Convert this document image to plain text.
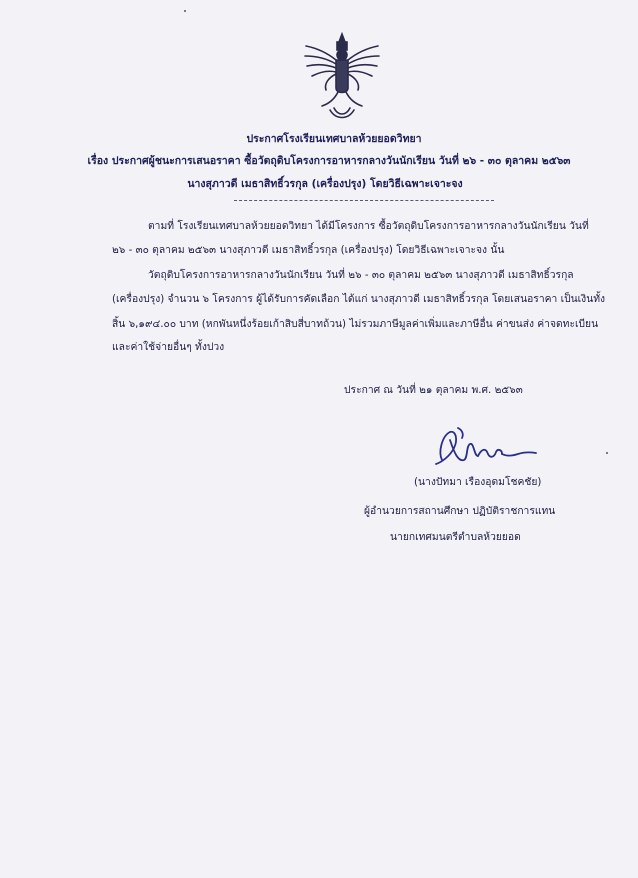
ประกาศโรงเรียนเทศบาลห้วยยอดวิทยา
เรื่อง ประกาศผู้ชนะการเสนอราคา ซื้อวัตถุดิบโครงการอาหารกลางวันนักเรียน วันที่ ๒๖ - ๓๐ ตุลาคม ๒๕๖๓
นางสุภาวดี เมธาสิทธิ์วรกุล (เครื่องปรุง) โดยวิธีเฉพาะเจาะจง
ตามที่ โรงเรียนเทศบาลห้วยยอดวิทยา ได้มีโครงการ ซื้อวัตถุดิบโครงการอาหารกลางวันนักเรียน วันที่
๒๖ - ๓๐ ตุลาคม ๒๕๖๓ นางสุภาวดี เมธาสิทธิ์วรกุล (เครื่องปรุง) โดยวิธีเฉพาะเจาะจง นั้น
วัตถุดิบโครงการอาหารกลางวันนักเรียน วันที่ ๒๖ - ๓๐ ตุลาคม ๒๕๖๓ นางสุภาวดี เมธาสิทธิ์วรกุล
(เครื่องปรุง) จำนวน ๖ โครงการ ผู้ได้รับการคัดเลือก ได้แก่ นางสุภาวดี เมธาสิทธิ์วรกุล โดยเสนอราคา เป็นเงินทั้ง
สิ้น ๖,๑๙๔.๐๐ บาท (หกพันหนึ่งร้อยเก้าสิบสี่บาทถ้วน) ไม่รวมภาษีมูลค่าเพิ่มและภาษีอื่น ค่าขนส่ง ค่าจดทะเบียน
และค่าใช้จ่ายอื่นๆ ทั้งปวง
ประกาศ ณ วันที่ ๒๑ ตุลาคม พ.ศ. ๒๕๖๓
(นางปัทมา เรืองอุดมโชคชัย)
ผู้อำนวยการสถานศึกษา ปฏิบัติราชการแทน
นายกเทศมนตรีตำบลห้วยยอด
